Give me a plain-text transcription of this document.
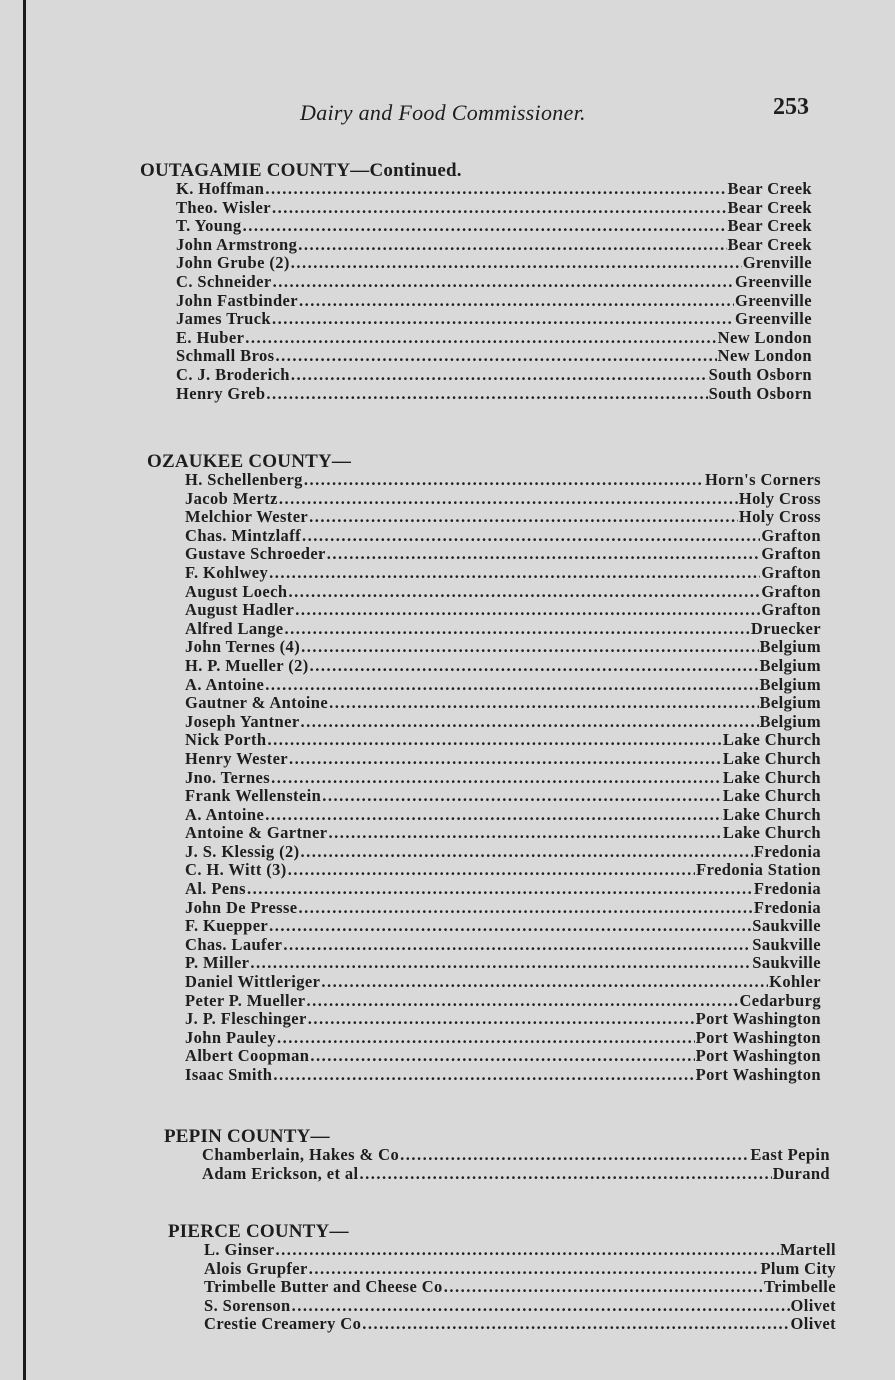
Dairy and Food Commissioner.	253
OUTAGAMIE COUNTY—Continued.
K. Hoffman .....	Bear Creek
Theo. Wisler .....	Bear Creek
T. Young .....	Bear Creek
John Armstrong .....	Bear Creek
John Grube (2) .....	Grenville
C. Schneider .....	Greenville
John Fastbinder .....	Greenville
James Truck .....	Greenville
E. Huber .....	New London
Schmall Bros .....	New London
C. J. Broderich .....	South Osborn
Henry Greb .....	South Osborn
OZAUKEE COUNTY—
H. Schellenberg .....	Horn's Corners
Jacob Mertz .....	Holy Cross
Melchior Wester .....	Holy Cross
Chas. Mintzlaff .....	Grafton
Gustave Schroeder .....	Grafton
F. Kohlwey .....	Grafton
August Loech .....	Grafton
August Hadler .....	Grafton
Alfred Lange .....	Druecker
John Ternes (4) .....	Belgium
H. P. Mueller (2) .....	Belgium
A. Antoine .....	Belgium
Gautner & Antoine .....	Belgium
Joseph Yantner .....	Belgium
Nick Porth .....	Lake Church
Henry Wester .....	Lake Church
Jno. Ternes .....	Lake Church
Frank Wellenstein .....	Lake Church
A. Antoine .....	Lake Church
Antoine & Gartner .....	Lake Church
J. S. Klessig (2) .....	Fredonia
C. H. Witt (3) .....	Fredonia Station
Al. Pens .....	Fredonia
John De Presse .....	Fredonia
F. Kuepper .....	Saukville
Chas. Laufer .....	Saukville
P. Miller .....	Saukville
Daniel Wittleriger .....	Kohler
Peter P. Mueller .....	Cedarburg
J. P. Fleschinger .....	Port Washington
John Pauley .....	Port Washington
Albert Coopman .....	Port Washington
Isaac Smith .....	Port Washington
PEPIN COUNTY—
Chamberlain, Hakes & Co .....	East Pepin
Adam Erickson, et al .....	Durand
PIERCE COUNTY—
L. Ginser .....	Martell
Alois Grupfer .....	Plum City
Trimbelle Butter and Cheese Co .....	Trimbelle
S. Sorenson .....	Olivet
Crestie Creamery Co .....	Olivet
